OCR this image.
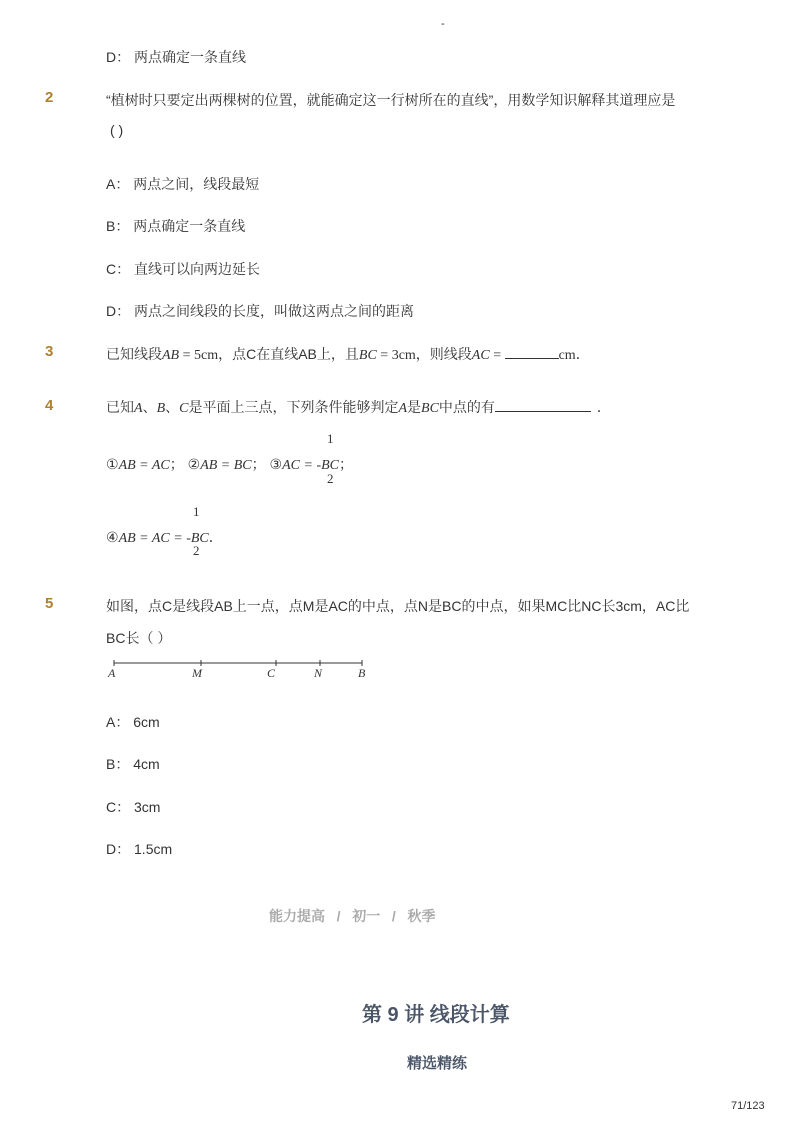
-
D： 两点确定一条直线
2	“植树时只要定出两棵树的位置，就能确定这一行树所在的直线”，用数学知识解释其道理应是
( )
A： 两点之间，线段最短
B： 两点确定一条直线
C： 直线可以向两边延长
D： 两点之间线段的长度，叫做这两点之间的距离
3	已知线段AB = 5cm，点C在直线AB上，且BC = 3cm，则线段AC =	cm．
4	已知A、B、C是平面上三点，下列条件能够判定A是BC中点的有	．
1
①AB = AC； ②AB = BC； ③AC = -BC；
2
1
④AB = AC = -BC．
2
5	如图，点C是线段AB上一点，点M是AC的中点，点N是BC的中点，如果MC比NC长3cm，AC比
BC长（ ）
A	M	C	N	B
A： 6cm
B： 4cm
C： 3cm
D： 1.5cm
能力提高   /   初一   /   秋季
第 9 讲 线段计算
精选精练
71/123
